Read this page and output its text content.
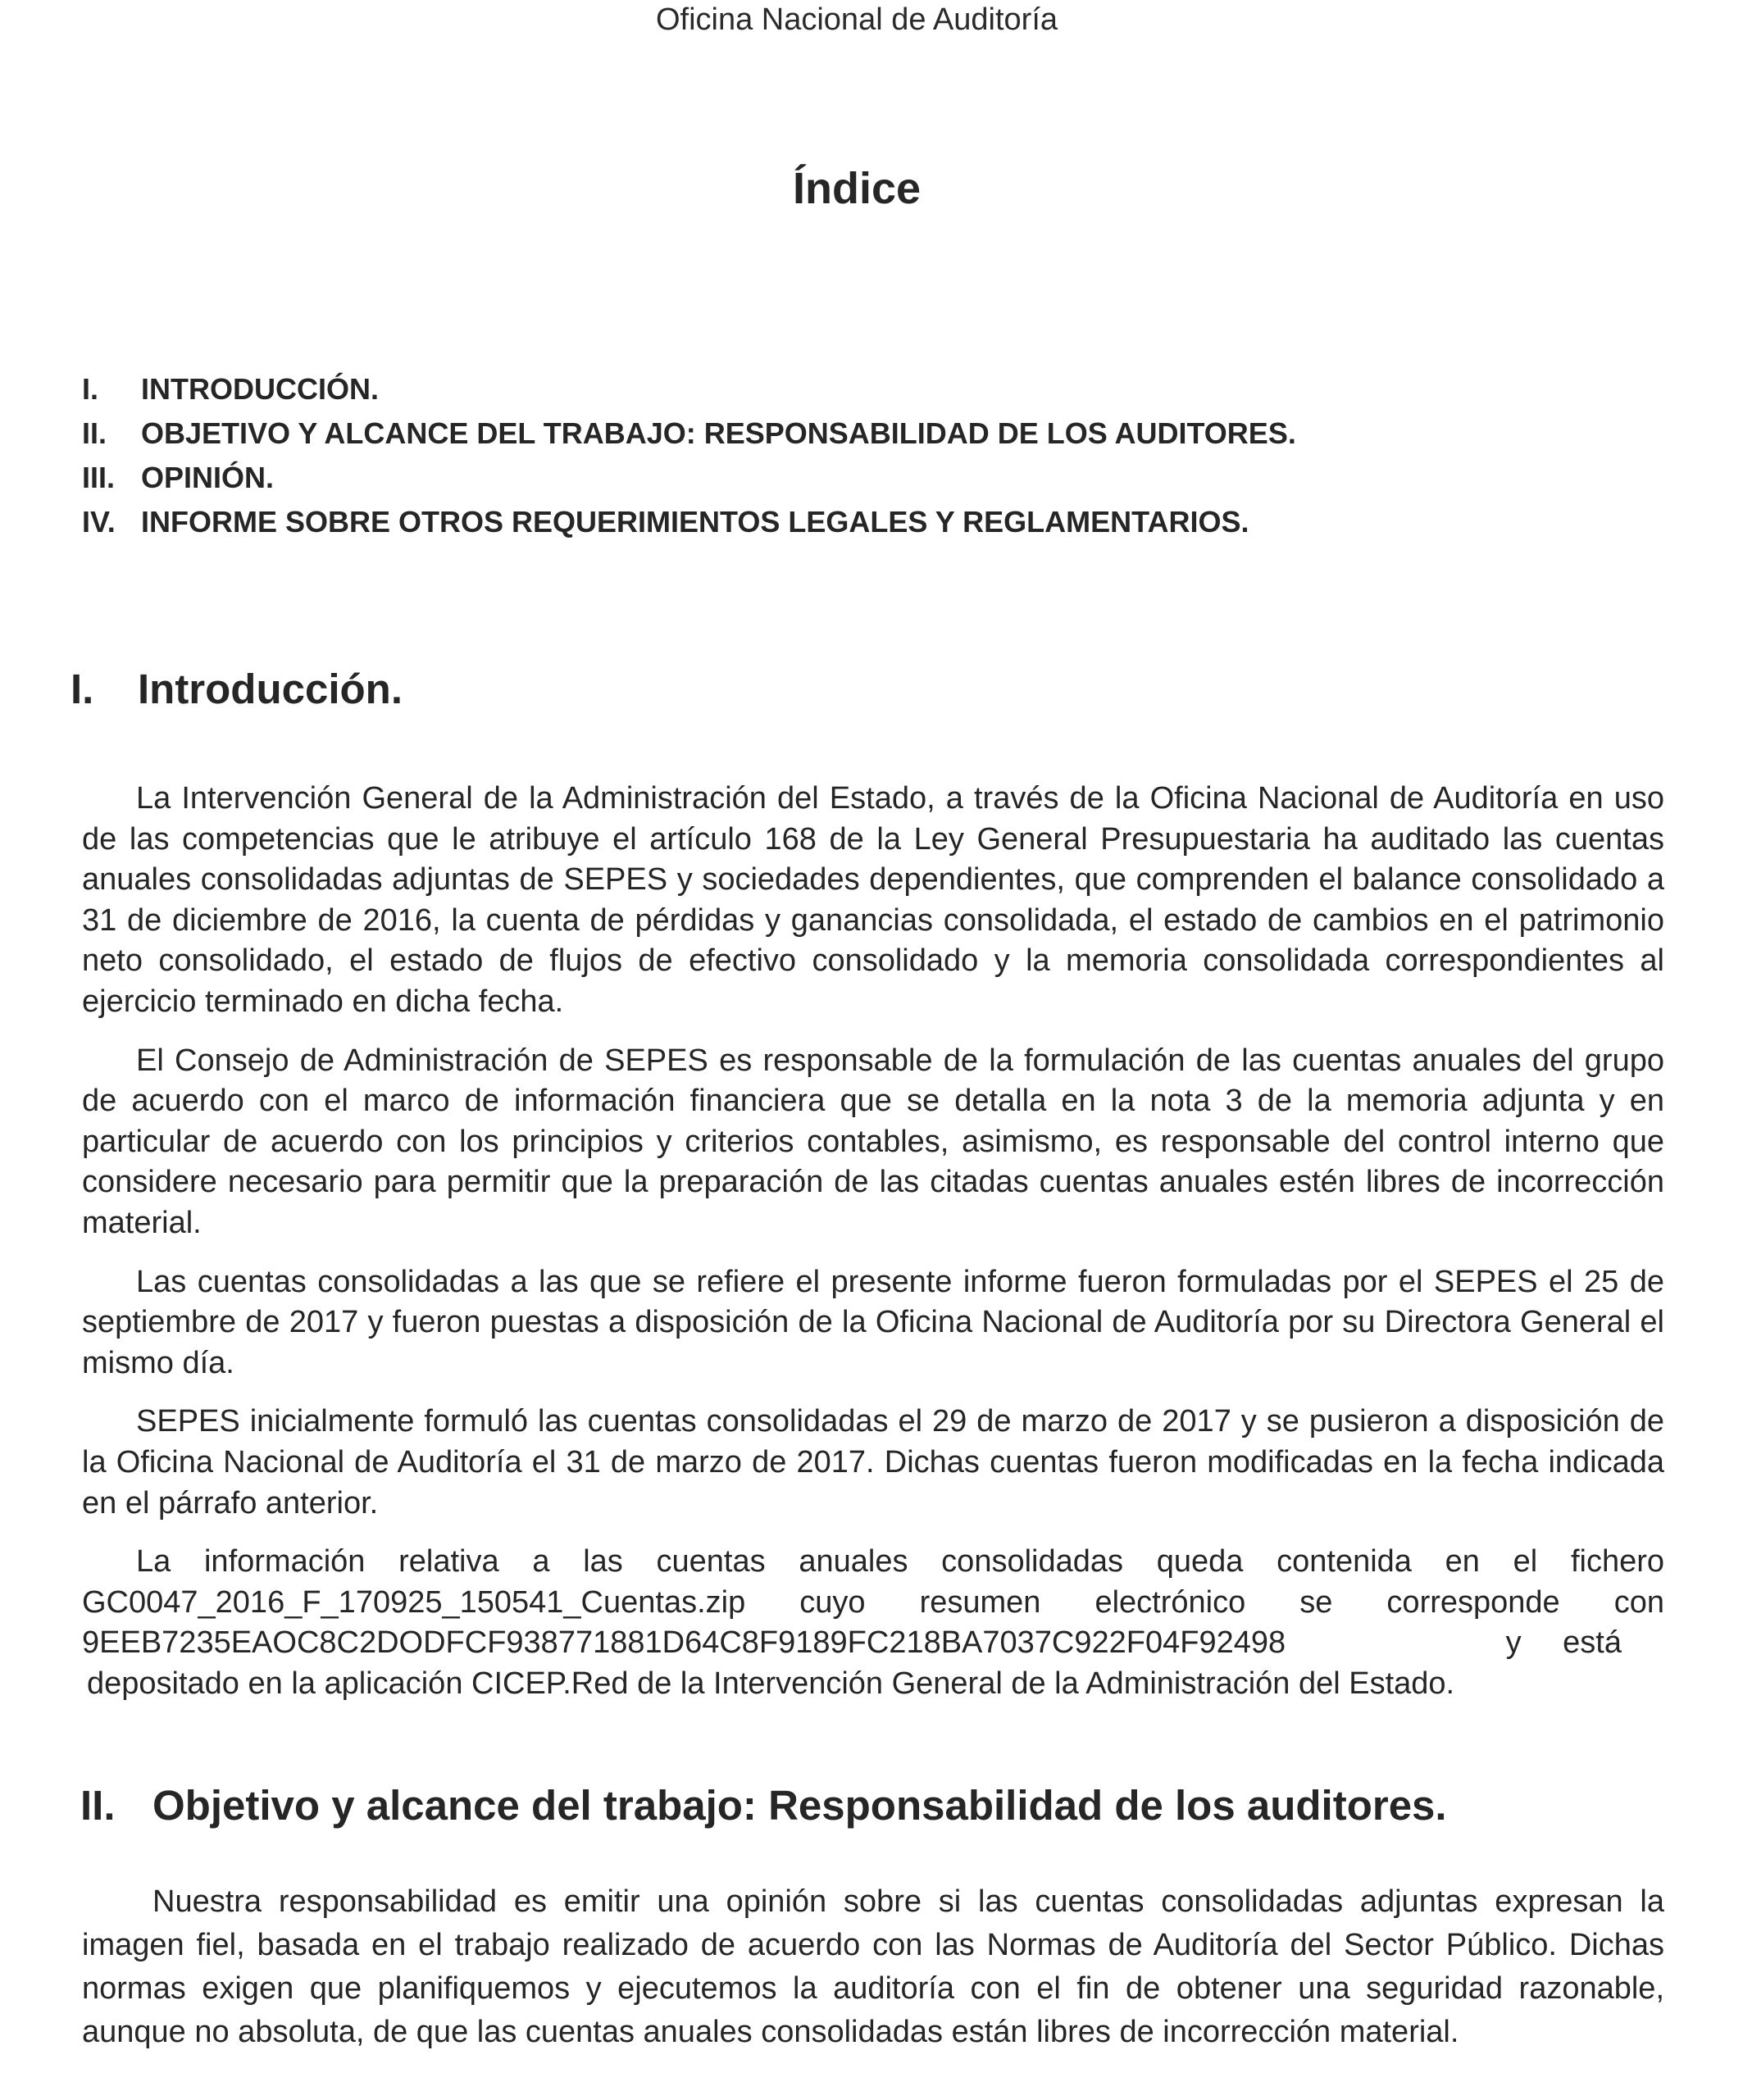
Oficina Nacional de Auditoría
Índice
I.	INTRODUCCIÓN.
II.	OBJETIVO Y ALCANCE DEL TRABAJO: RESPONSABILIDAD DE LOS AUDITORES.
III. OPINIÓN.
IV. INFORME SOBRE OTROS REQUERIMIENTOS LEGALES Y REGLAMENTARIOS.
I.	Introducción.

La Intervención General de la Administración del Estado, a través de la Oficina Nacional de Auditoría en uso de las competencias que le atribuye el artículo 168 de la Ley General Presupuestaria ha auditado las cuentas anuales consolidadas adjuntas de SEPES y sociedades dependientes, que comprenden el balance consolidado a 31 de diciembre de 2016, la cuenta de pérdidas y ganancias consolidada, el estado de cambios en el patrimonio neto consolidado, el estado de flujos de efectivo consolidado y la memoria consolidada correspondientes al ejercicio terminado en dicha fecha.

El Consejo de Administración de SEPES es responsable de la formulación de las cuentas anuales del grupo de acuerdo con el marco de información financiera que se detalla en la nota 3 de la memoria adjunta y en particular de acuerdo con los principios y criterios contables, asimismo, es responsable del control interno que considere necesario para permitir que la preparación de las citadas cuentas anuales estén libres de incorrección material.

Las cuentas consolidadas a las que se refiere el presente informe fueron formuladas por el SEPES el 25 de septiembre de 2017 y fueron puestas a disposición de la Oficina Nacional de Auditoría por su Directora General el mismo día.

SEPES inicialmente formuló las cuentas consolidadas el 29 de marzo de 2017 y se pusieron a disposición de la Oficina Nacional de Auditoría el 31 de marzo de 2017. Dichas cuentas fueron modificadas en la fecha indicada en el párrafo anterior.

La información relativa a las cuentas anuales consolidadas queda contenida en el fichero
GC0047_2016_F_170925_150541_Cuentas.zip cuyo resumen electrónico se corresponde con
9EEB7235EAOC8C2DODFCF938771881D64C8F9189FC218BA7037C922F04F92498	y está
depositado en la aplicación CICEP.Red de la Intervención General de la Administración del Estado.
II. Objetivo y alcance del trabajo: Responsabilidad de los auditores.

Nuestra responsabilidad es emitir una opinión sobre si las cuentas consolidadas adjuntas expresan la imagen fiel, basada en el trabajo realizado de acuerdo con las Normas de Auditoría del Sector Público. Dichas normas exigen que planifiquemos y ejecutemos la auditoría con el fin de obtener una seguridad razonable, aunque no absoluta, de que las cuentas anuales consolidadas están libres de incorrección material.
